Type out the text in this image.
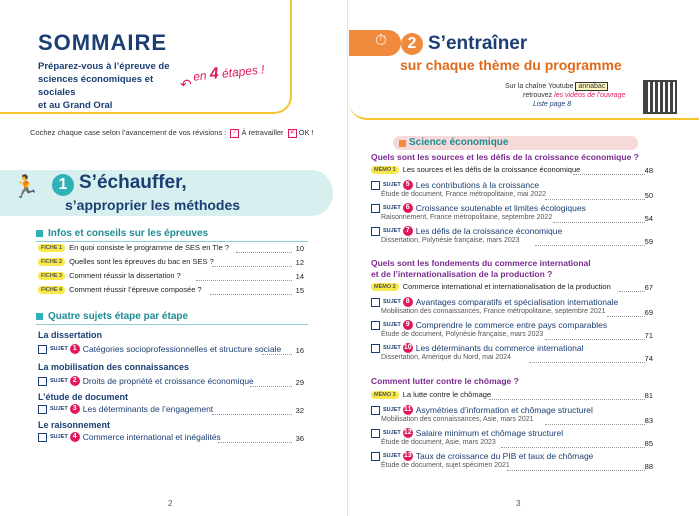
SOMMAIRE
Préparez-vous à l’épreuve de
sciences économiques et sociales
et au Grand Oral
en 4 étapes !
↶
Cochez chaque case selon l’avancement de vos révisions : ⁄ À retravailler ✕ OK !
🏃	1 S’échauffer,
s’approprier les méthodes
Infos et conseils sur les épreuves
FICHE 1 En quoi consiste le programme de SES en Tle ?	10
FICHE 2 Quelles sont les épreuves du bac en SES ?	12
FICHE 3 Comment réussir la dissertation ?	14
FICHE 4 Comment réussir l’épreuve composée ?	15
Quatre sujets étape par étape
La dissertation
SUJET 1 Catégories socioprofessionnelles et structure sociale	16
La mobilisation des connaissances
SUJET 2 Droits de propriété et croissance économique	29
L’étude de document
SUJET 3 Les déterminants de l’engagement	32
Le raisonnement
SUJET 4 Commerce international et inégalités	36
2
⏱	2 S’entraîner
sur chaque thème du programme
Sur la chaîne Youtube annabac
retrouvez les vidéos de l’ouvrage
Liste page 8
Science économique
Quels sont les sources et les défis de la croissance économique ?
MÉMO 1 Les sources et les défis de la croissance économique	48
SUJET 5 Les contributions à la croissance
Étude de document, France métropolitaine, mai 2022	50
SUJET 6 Croissance soutenable et limites écologiques
Raisonnement, France métropolitaine, septembre 2022	54
SUJET 7 Les défis de la croissance économique
Dissertation, Polynésie française, mars 2023	59
Quels sont les fondements du commerce international
et de l’internationalisation de la production ?
MÉMO 2 Commerce international et internationalisation de la production	67
SUJET 8 Avantages comparatifs et spécialisation internationale
Mobilisation des connaissances, France métropolitaine, septembre 2021	69
SUJET 9 Comprendre le commerce entre pays comparables
Étude de document, Polynésie française, mars 2023	71
SUJET 10 Les déterminants du commerce international
Dissertation, Amérique du Nord, mai 2024	74
Comment lutter contre le chômage ?
MÉMO 3 La lutte contre le chômage	81
SUJET 11 Asymétries d’information et chômage structurel
Mobilisation des connaissances, Asie, mars 2021	83
SUJET 12 Salaire minimum et chômage structurel
Étude de document, Asie, mars 2023	85
SUJET 13 Taux de croissance du PIB et taux de chômage
Étude de document, sujet spécimen 2021	88
3
